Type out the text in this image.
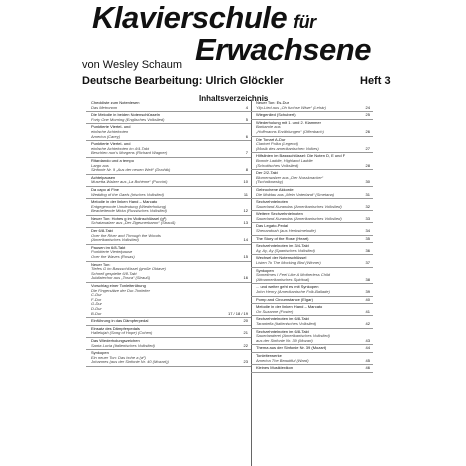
Klavierschule für
Erwachsene
von Wesley Schaum
Deutsche Bearbeitung: Ulrich Glöckler	Heft 3
Inhaltsverzeichnis
Checkliste zum Notenlesen
Das Metronom	4
Die Melodie in beiden Notenschlüsseln
Forty One Morning (Englisches Volkslied)	5
Punktierte Viertel- und
einfache Achtelnoten
America (Carey)	6
Punktierte Viertel- und
einfache Achtelnoten im 4/4-Takt
Beschlen nun's Morgens (Richard Wagner)	7
Ritardando und a tempo
Largo aus
Sinfonie Nr. 9 „Aus der neuen Welt“ (Dvořák)	8
Achtelpausen
Musetta-Walzer aus „La Bohème“ (Puccini)	10
Da capo al Fine
Wedding of the Gaels (Irisches Volkslied)	11
Melodie in der linken Hand – Marcato
Entgegenoote Umdeutung (Wiederholung)
Bearbeitende Mirka (Russisches Volkslied)	12
Neuer Ton: Hohes g im Violinschlüssel (g²)
Schatzwalzer aus „Der Zigeunerbaron“ (Strauß)	13
Der 6/8-Takt
Over the River and Through the Woods
(Amerikanisches Volkslied)	14
Pausen im 6/8-Takt
Punktierte Viertelpause
Over the Waves (Rosas)	15
Neuer Ton:
Tiefes G im Bassschlüssel (große Oktave)
Schnell gespielte 6/8-Takt
Jubilatechor aus „Tosca“ (Strauß)	16
Vorschlag einer Tonleiterübung
Die Fingersätze der Dur-Tonleiter
C-Dur
F-Dur
G-Dur
D-Dur
B-Dur	17 / 18 / 19
Einführung in das Dämpferpedal	20
Einsatz des Dämpferpedals
Hallelujah (Song of Hope) (Cohen)	21
Das Wiederholungszeichen
Santa Lucia (Italienisches Volkslied)	22
Synkopen
Ein neuer Ton: Das hohe a (a²)
Johannes (aus der Sinfonie Nr. 40 (Mozart))	23
Neuer Ton: Es-Dur
Ylip-Lied aus „Oh fuchse Wiwe“ (Lehár)	24
Wiegenlied (Schubert)	25
Wiederholung mit 1. und 2. Klammer
Barkarole aus
„Hoffmanns Erzählungen“ (Offenbach)	26
Die Tonart A-Dur
Clarinet Polka (Legend)
(Musik des amerikanischen Volkes)	27
Hilfslinien im Bassschlüssel: Die Noten D, E und F
Bonnie Laddie, Highland Laddie
(Schottisches Volkslied)	28
Der 2/2-Takt
Blumenwalzer aus „Der Nussknacker“
(Tschaikowsky)	30
Gebrochene Akkorde
Die Moldau aus „Mein Vaterland“ (Smetana)	31
Sechzehntelnoten
Sauerland-Kurandas (Amerikanisches Volkslied)	32
Weitere Sechzehntelnoten
Sauerland-Kurandas (Amerikanisches Volkslied)	33
Das Legato-Pedal
Shenandoah (aus Herbstmelodie)	34
The Story of the Rose (Heart)	35
Sechzehntelnoten im 3/4-Takt
Ay, Ay, Ay (Spanisches Volkslied)	36
Wechsel der Notenschlüssel
Listen To The Mocking Bird (Winner)	37
Synkopen
Sometimes I Feel Like A Motherless Child
(Afroamerikanisches Spiritual)	38
... und weiter geht es mit Synkopen
John Henry (Amerikanische Folk-Ballade)	39
Pomp and Circumstance (Elgar)	40
Melodie in der linken Hand – Marcato
On Suzanne (Foster)	41
Sechzehntelnoten im 6/8-Takt
Tarantella (Italienisches Volkslied)	42
Sechzehntelnoten im 6/8-Takt
Sauerlanderei (Amerikanisches Volkslied)
aus der Sinfonie Nr. 39 (Mozart)	43
Thema aus der Sinfonie Nr. 39 (Mozart)	44
Tonleiterwerke
America The Beautiful (Ward)	45
Kleines Musiklexikon	46
